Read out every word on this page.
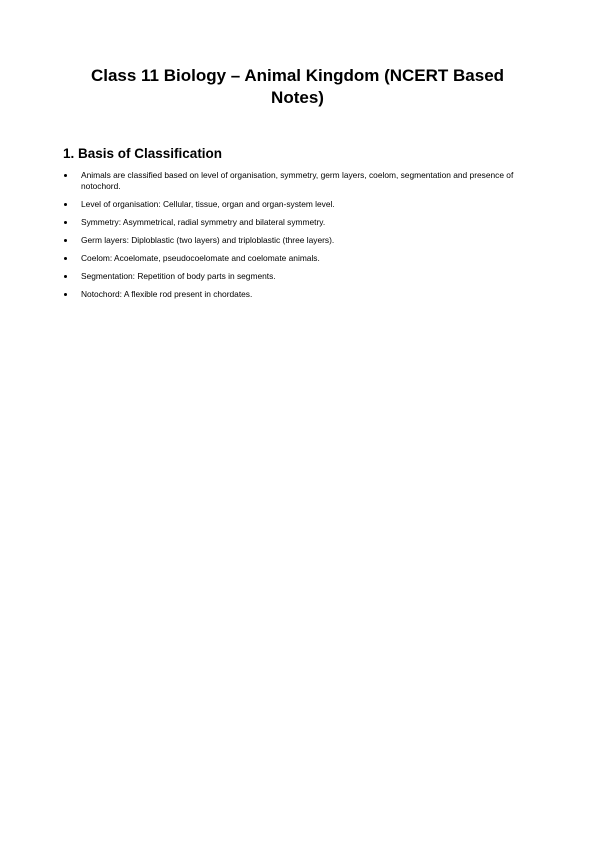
Class 11 Biology – Animal Kingdom (NCERT Based Notes)
1. Basis of Classification
Animals are classified based on level of organisation, symmetry, germ layers, coelom, segmentation and presence of notochord.
Level of organisation: Cellular, tissue, organ and organ-system level.
Symmetry: Asymmetrical, radial symmetry and bilateral symmetry.
Germ layers: Diploblastic (two layers) and triploblastic (three layers).
Coelom: Acoelomate, pseudocoelomate and coelomate animals.
Segmentation: Repetition of body parts in segments.
Notochord: A flexible rod present in chordates.
